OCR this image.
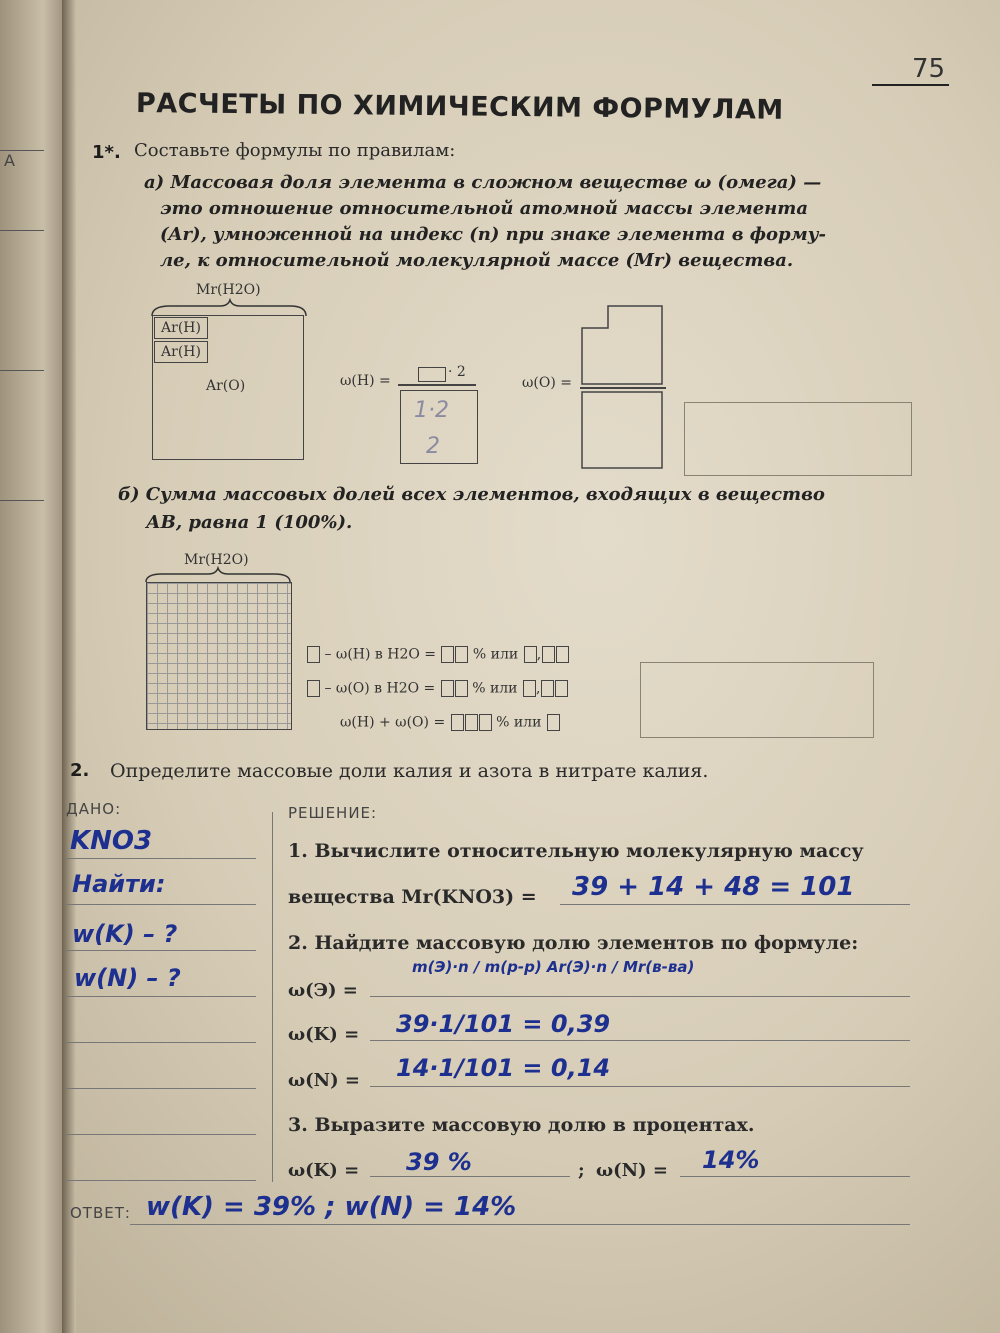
А
75
РАСЧЕТЫ ПО ХИМИЧЕСКИМ ФОРМУЛАМ
1*. Составьте формулы по правилам:
а) Массовая доля элемента в сложном веществе ω (омега) —
это отношение относительной атомной массы элемента
(Ar), умноженной на индекс (n) при знаке элемента в форму-
ле, к относительной молекулярной массе (Mr) вещества.
Mr(H2O)
Ar(H)
Ar(H)
Ar(O)	ω(H) =
· 2
1·2
2
ω(O) =
б) Сумма массовых долей всех элементов, входящих в вещество
АВ, равна 1 (100%).
Mr(H2O)
– ω(H) в H2O =	% или ,
– ω(O) в H2O =	% или ,
ω(H) + ω(O) =	% или
2. Определите массовые доли калия и азота в нитрате калия.
ДАНО:
KNO3
Найти:
w(K) – ?
w(N) – ?
РЕШЕНИЕ:
1. Вычислите относительную молекулярную массу
вещества Mr(KNO3) = 39 + 14 + 48 = 101
2. Найдите массовую долю элементов по формуле:
ω(Э) =
m(Э)·n / m(р-р) Ar(Э)·n / Mr(в-ва)
ω(K) = 39·1/101 = 0,39
ω(N) = 14·1/101 = 0,14
3. Выразите массовую долю в процентах.
ω(K) = 39 %	; ω(N) = 14%
ОТВЕТ: w(K) = 39% ; w(N) = 14%
